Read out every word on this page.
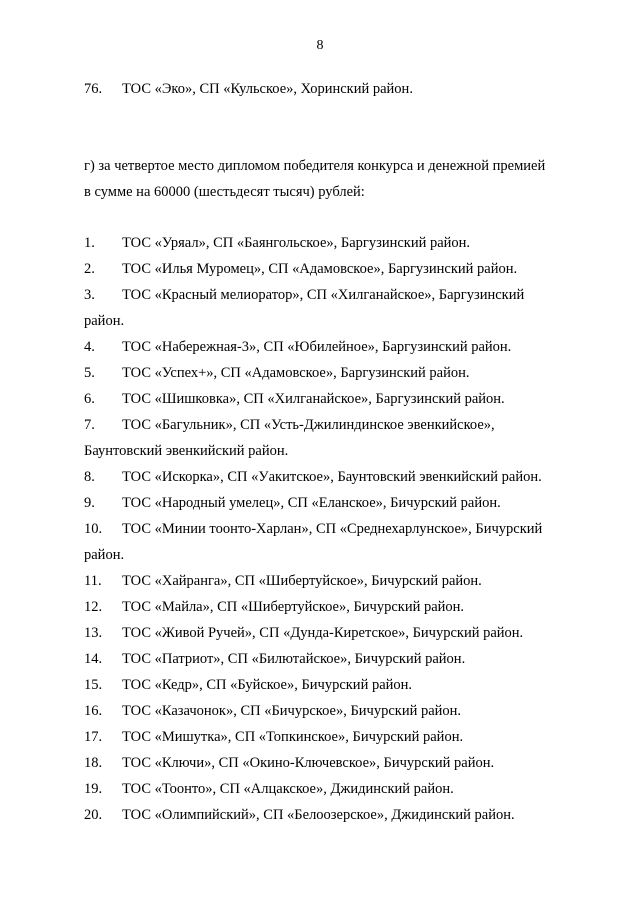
8
76. ТОС «Эко», СП «Кульское», Хоринский район.
г) за четвертое место дипломом победителя конкурса и денежной премией
в сумме на 60000 (шестьдесят тысяч) рублей:
1. ТОС «Уряал», СП «Баянгольское», Баргузинский район.
2. ТОС «Илья Муромец», СП «Адамовское», Баргузинский район.
3. ТОС «Красный мелиоратор», СП «Хилганайское», Баргузинский
район.
4. ТОС «Набережная-3», СП «Юбилейное», Баргузинский район.
5. ТОС «Успех+», СП «Адамовское», Баргузинский район.
6. ТОС «Шишковка», СП «Хилганайское», Баргузинский район.
7. ТОС «Багульник», СП «Усть-Джилиндинское эвенкийское»,
Баунтовский эвенкийский район.
8. ТОС «Искорка», СП «Уакитское», Баунтовский эвенкийский район.
9. ТОС «Народный умелец», СП «Еланское», Бичурский район.
10. ТОС «Минии тоонто-Харлан», СП «Среднехарлунское», Бичурский
район.
11. ТОС «Хайранга», СП «Шибертуйское», Бичурский район.
12. ТОС «Майла», СП «Шибертуйское», Бичурский район.
13. ТОС «Живой Ручей», СП «Дунда-Киретское», Бичурский район.
14. ТОС «Патриот», СП «Билютайское», Бичурский район.
15. ТОС «Кедр», СП «Буйское», Бичурский район.
16. ТОС «Казачонок», СП «Бичурское», Бичурский район.
17. ТОС «Мишутка», СП «Топкинское», Бичурский район.
18. ТОС «Ключи», СП «Окино-Ключевское», Бичурский район.
19. ТОС «Тоонто», СП «Алцакское», Джидинский район.
20. ТОС «Олимпийский», СП «Белоозерское», Джидинский район.
